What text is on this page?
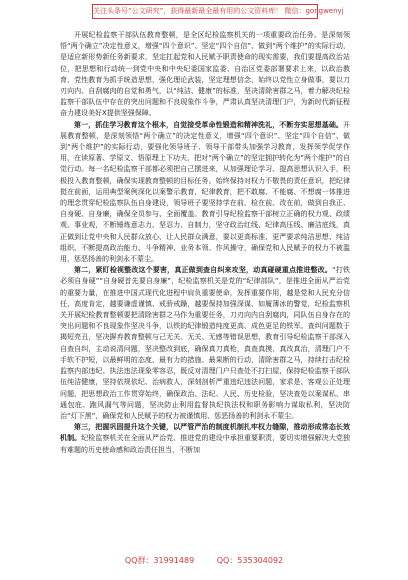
关注头条号“公文研究”，获得最新最全最有用的公文资料库！ 微信：gongwenyj

开展纪检监察干部队伍教育整顿，是全区纪检监察机关的一项重要政治任务。是深刻领悟“两个确立”决定性意义，增强“四个意识”、坚定“四个自信”、做到“两个维护”的实际行动，是适应新形势新任务新要求，坚定扛起党和人民赋予职责使命的现实需要，我们要提高政治站位，把思想和行动统一到党中央和中央纪委国家监委、自治区党委部署要求上来，以政治教育、党性教育为抓手统造思想，强化理论武装，坚定理想信念，始终以党性立身做事，要以刀刃向内、自刮腐肉的自觉和勇气，以“纯洁、健康”的标准，坚决清除害群之马，着力解决纪检监察干部队伍中存在的突出问题和不良现象作斗争，严肃认真坚决清理门户，为新时代新征程奋力建设美好X提供坚强保障。

第一，抓住学习教育这个根本，自觉接受革命性锻造和精神洗礼，不断夯实思想基础。开展教育整顿，是深刻领悟“两个确立”的决定性意义，增强“四个意识”、坚定“四个自信”、做到“两个维护”的实际行动，要强化领导班子、领导干部带头加强学习教育，发挥领学促学作用，在读原著、学原文、悟原理上下功夫，把对“两个确立”的坚定拥护转化为“两个维护”的自觉行动。每一名纪检监察干部都必须把自己摆进来，从加强理论学习、提高思想认识入手，积极投入教育整顿，确保实现教育整顿的目标任务。始终保持对权力不敬畏的责任意识，把纪律挺在前面，运用典型案例深化以案警示教育，纪律教育，把不敢腐、不能腐、不想腐一体推进的理念贯穿纪检监察队伍自身建设，领导班子要坚持学在前、检在前、改在前，做到自我正、自身硬、自身廉，确保全员参与、全面覆盖。教育引导纪检监察干部树立正确的权力观、政绩观、事业观，不断锤炼意志力、坚忍力、自制力，坚守政治红线、纪律高压线、廉洁底线，真正做到让党中央和人民群众放心、让人民群众满意，要以更高标准、更严要求纯洁思想、纯洁组织、不断提高政治能力、斗争精神、业务本领、作风操守，确保党和人民赋予的权力不被滥用，惩恶扬善的利剑永不蒙尘。

第二，紧盯检视整改这个要害，真正做到查自纠来攻坚，动真碰硬重点推进整改。“打铁必须自身硬”“自身硬首先要自身廉”，纪检监察机关是党的“纪律部队”，是推进全面从严治党的重要力量，在推进中国式现代化进程中肩负重要使命，发挥重要作用，越是党和人民充分信任、高度肯定，越要谦虚谨慎、戒骄戒躁，越要保持加强深谋、如履薄冰的警觉，纪检监察机关开展纪检教育整顿要把清除害群之马作为重要任务，刀刃向内自刮腐肉，同队伍自身存在的突出问题和不良现象作坚决斗争，以铁的纪律锻造纯度更高、成色更足的铁军。查纠问题数于揭短亮丑，坚决摒弃教育整顿与己无关、无关、无感等错误思想，教育引导纪检监察干部深入自查自纠，主动说清问题，坚决整改到底，确保真刀真枪，真查真摸、真改真治，清理门户不手软不护短，以最鲜明的态度、最有力的措施、最果断的行动，清除害群之马，持续打击纪检监察内部违纪、执法违法现象零容忍，既反对清理门户只查处不打扫屋，保持纪检监察干部队伍纯洁健康，坚持依规依纪、治病救人，深刻剖析严重违纪违法问题，家求是、客观公正处理问题，把思想政治工作贯穿始终，确保政治、法纪、人民、历史检验，坚决查处以案谋私、串通包庇、跑风漏气等问题，坚决防止利用监督执纪执法权和职务影响力谋取私利，坚决防治“灯下黑”，确保党和人民赋予的权力被谨慎用、惩恶扬善的利剑永不蒙尘。

第三，把握巩固提升这个关键，以严管严治的制度机制扎牢权力缝隙，推动形成常态长效机制。纪检监察机关在全面从严治党、推进党的建设中承担重要职责，要切实增强解决大党独有难题的历史使命感和政治责任担当，不断加

QQ群：31991489	QQ：535304092
